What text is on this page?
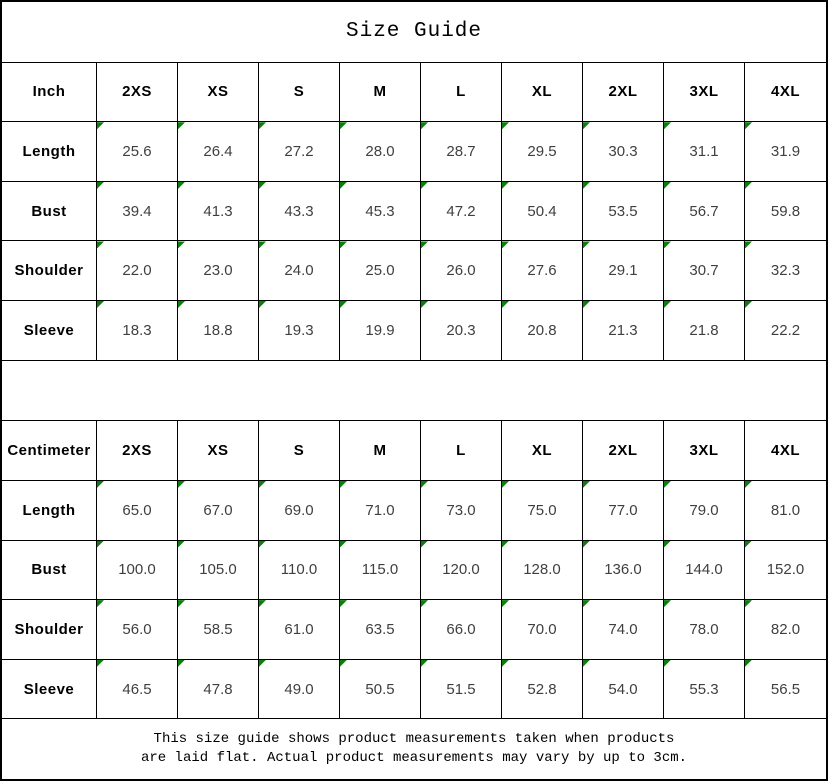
Size Guide
Inch	2XS	XS	S	M	L	XL	2XL	3XL	4XL
Length	25.6	26.4	27.2	28.0	28.7	29.5	30.3	31.1	31.9
Bust	39.4	41.3	43.3	45.3	47.2	50.4	53.5	56.7	59.8
Shoulder	22.0	23.0	24.0	25.0	26.0	27.6	29.1	30.7	32.3
Sleeve	18.3	18.8	19.3	19.9	20.3	20.8	21.3	21.8	22.2
Centimeter	2XS	XS	S	M	L	XL	2XL	3XL	4XL
Length	65.0	67.0	69.0	71.0	73.0	75.0	77.0	79.0	81.0
Bust	100.0	105.0	110.0	115.0	120.0	128.0	136.0	144.0	152.0
Shoulder	56.0	58.5	61.0	63.5	66.0	70.0	74.0	78.0	82.0
Sleeve	46.5	47.8	49.0	50.5	51.5	52.8	54.0	55.3	56.5
This size guide shows product measurements taken when products
are laid flat. Actual product measurements may vary by up to 3cm.
